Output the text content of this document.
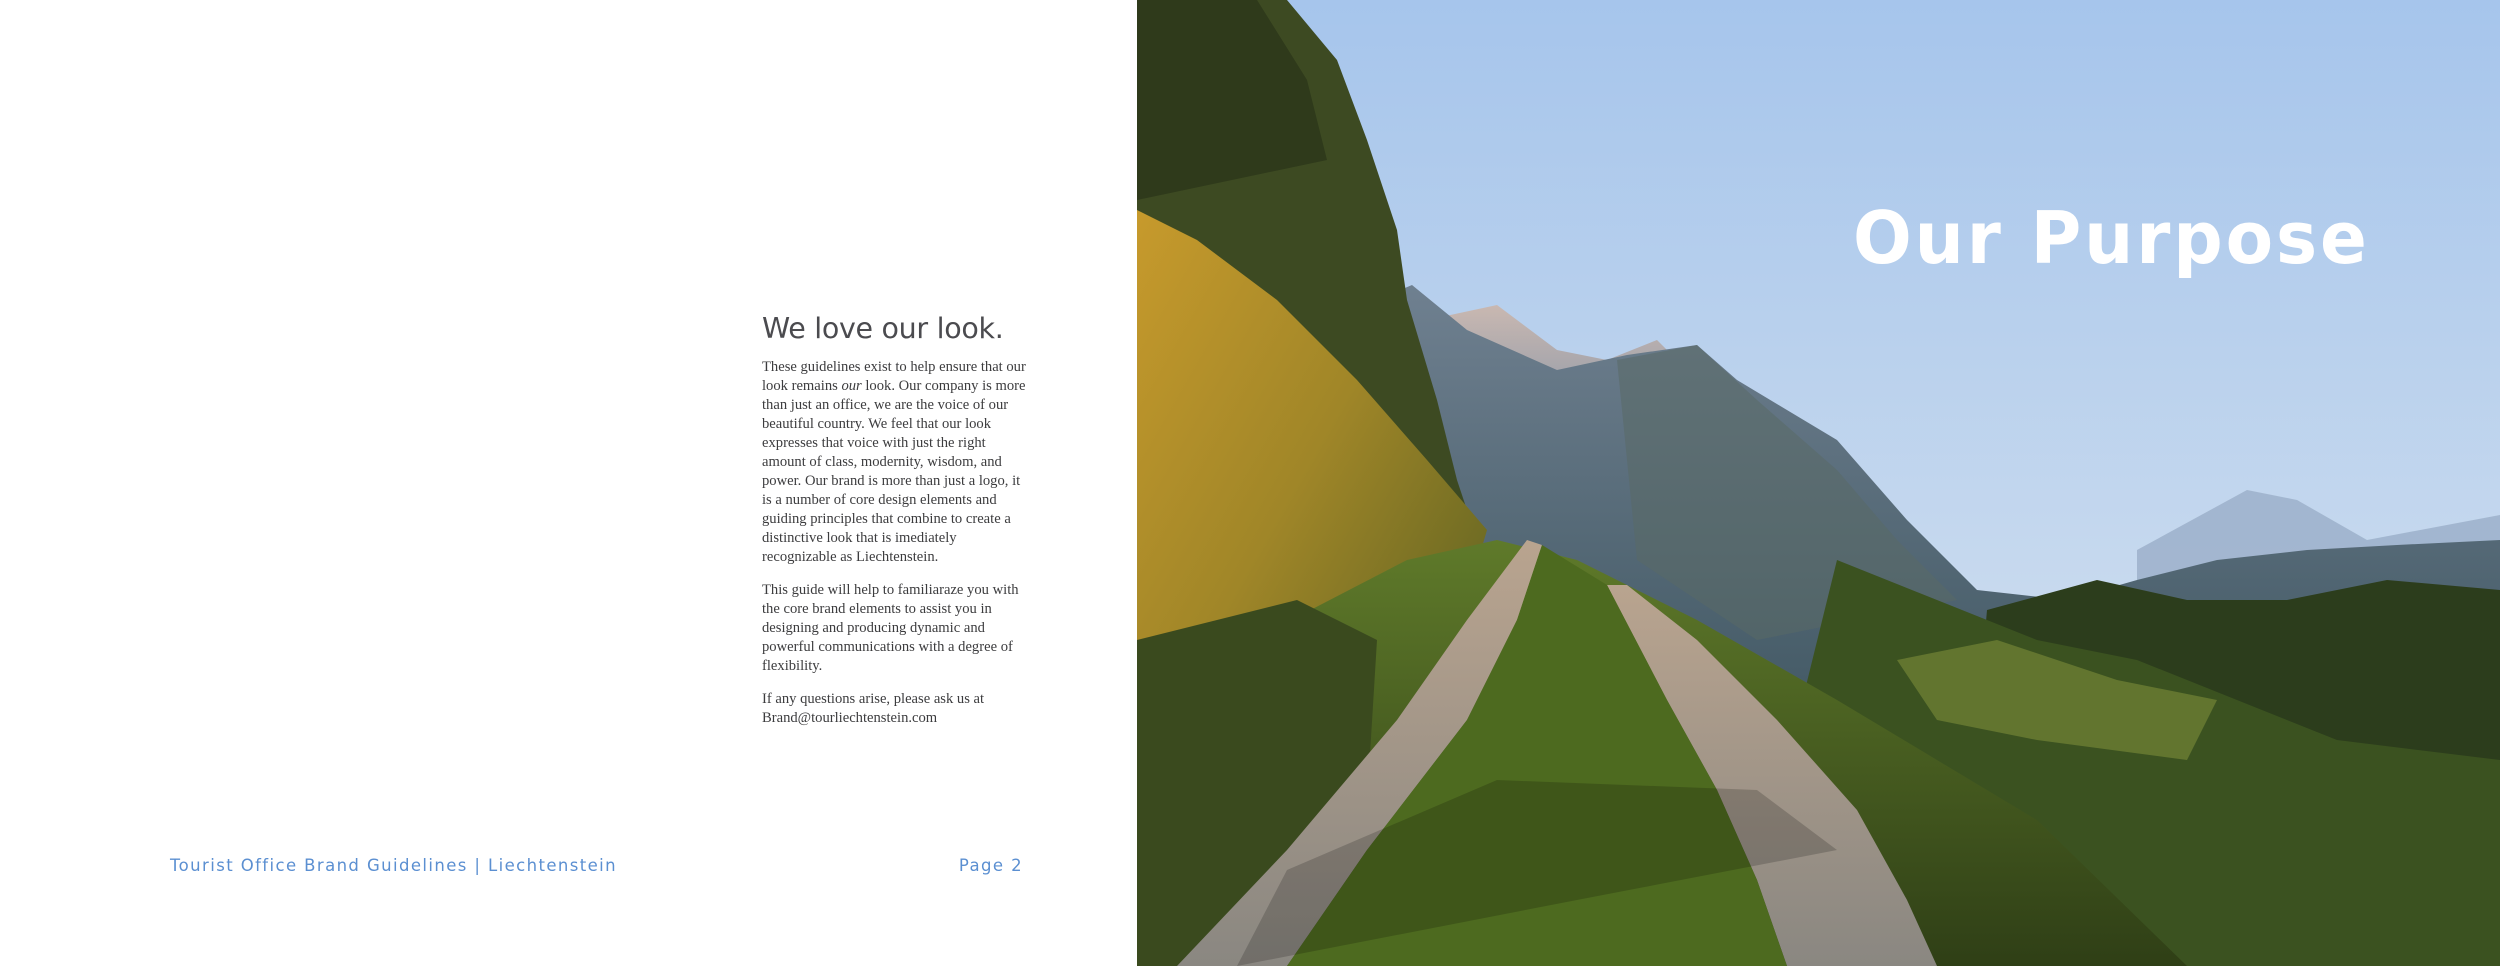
We love our look.

These guidelines exist to help ensure that our look remains our look. Our company is more than just an office, we are the voice of our beautiful country. We feel that our look expresses that voice with just the right amount of class, modernity, wisdom, and power. Our brand is more than just a logo, it is a number of core design elements and guiding principles that combine to create a distinctive look that is imediately recognizable as Liechtenstein.

This guide will help to familiaraze you with the core brand elements to assist you in designing and producing dynamic and powerful communications with a degree of flexibility.

If any questions arise, please ask us at Brand@tourliechtenstein.com

Tourist Office Brand Guidelines | Liechtenstein	Page 2
Our Purpose
